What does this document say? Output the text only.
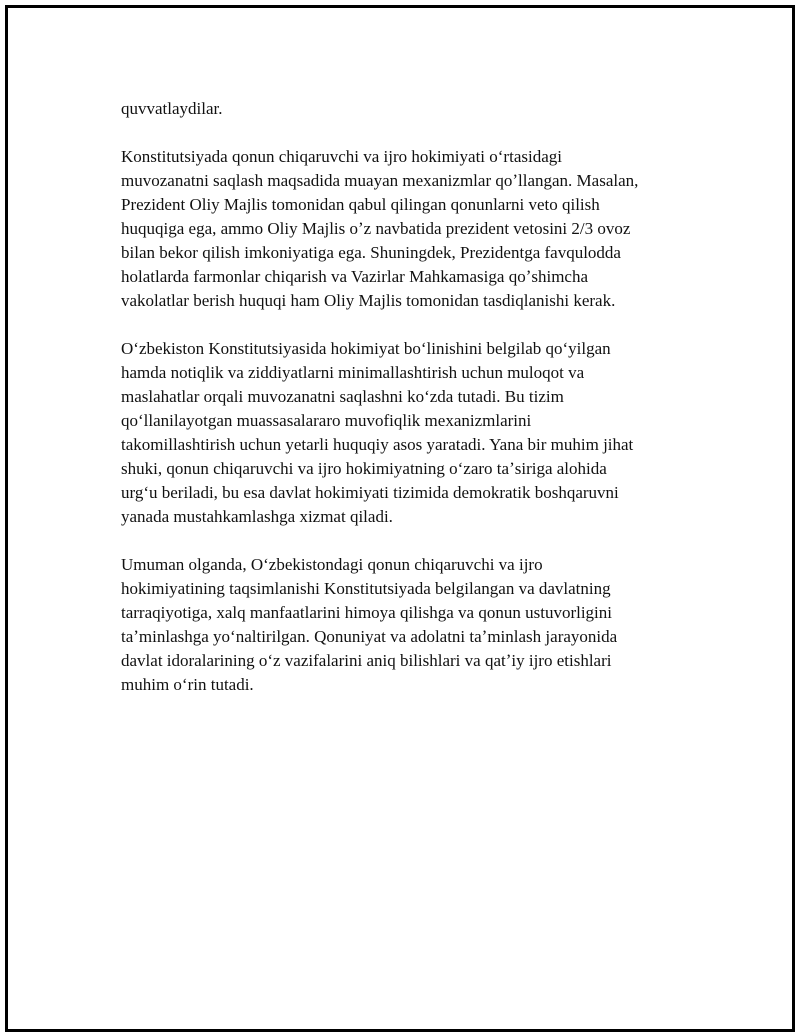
quvvatlaydilar.

Konstitutsiyada qonun chiqaruvchi va ijro hokimiyati oʻrtasidagi
muvozanatni saqlash maqsadida muayan mexanizmlar qoʼllangan. Masalan,
Prezident Oliy Majlis tomonidan qabul qilingan qonunlarni veto qilish
huquqiga ega, ammo Oliy Majlis oʼz navbatida prezident vetosini 2/3 ovoz
bilan bekor qilish imkoniyatiga ega. Shuningdek, Prezidentga favqulodda
holatlarda farmonlar chiqarish va Vazirlar Mahkamasiga qoʼshimcha
vakolatlar berish huquqi ham Oliy Majlis tomonidan tasdiqlanishi kerak.

Oʻzbekiston Konstitutsiyasida hokimiyat boʻlinishini belgilab qoʻyilgan
hamda notiqlik va ziddiyatlarni minimallashtirish uchun muloqot va
maslahatlar orqali muvozanatni saqlashni koʻzda tutadi. Bu tizim
qoʻllanilayotgan muassasalararo muvofiqlik mexanizmlarini
takomillashtirish uchun yetarli huquqiy asos yaratadi. Yana bir muhim jihat
shuki, qonun chiqaruvchi va ijro hokimiyatning oʻzaro taʼsiriga alohida
urgʻu beriladi, bu esa davlat hokimiyati tizimida demokratik boshqaruvni
yanada mustahkamlashga xizmat qiladi.

Umuman olganda, Oʻzbekistondagi qonun chiqaruvchi va ijro
hokimiyatining taqsimlanishi Konstitutsiyada belgilangan va davlatning
tarraqiyotiga, xalq manfaatlarini himoya qilishga va qonun ustuvorligini
taʼminlashga yoʻnaltirilgan. Qonuniyat va adolatni taʼminlash jarayonida
davlat idoralarining oʻz vazifalarini aniq bilishlari va qatʼiy ijro etishlari
muhim oʻrin tutadi.
